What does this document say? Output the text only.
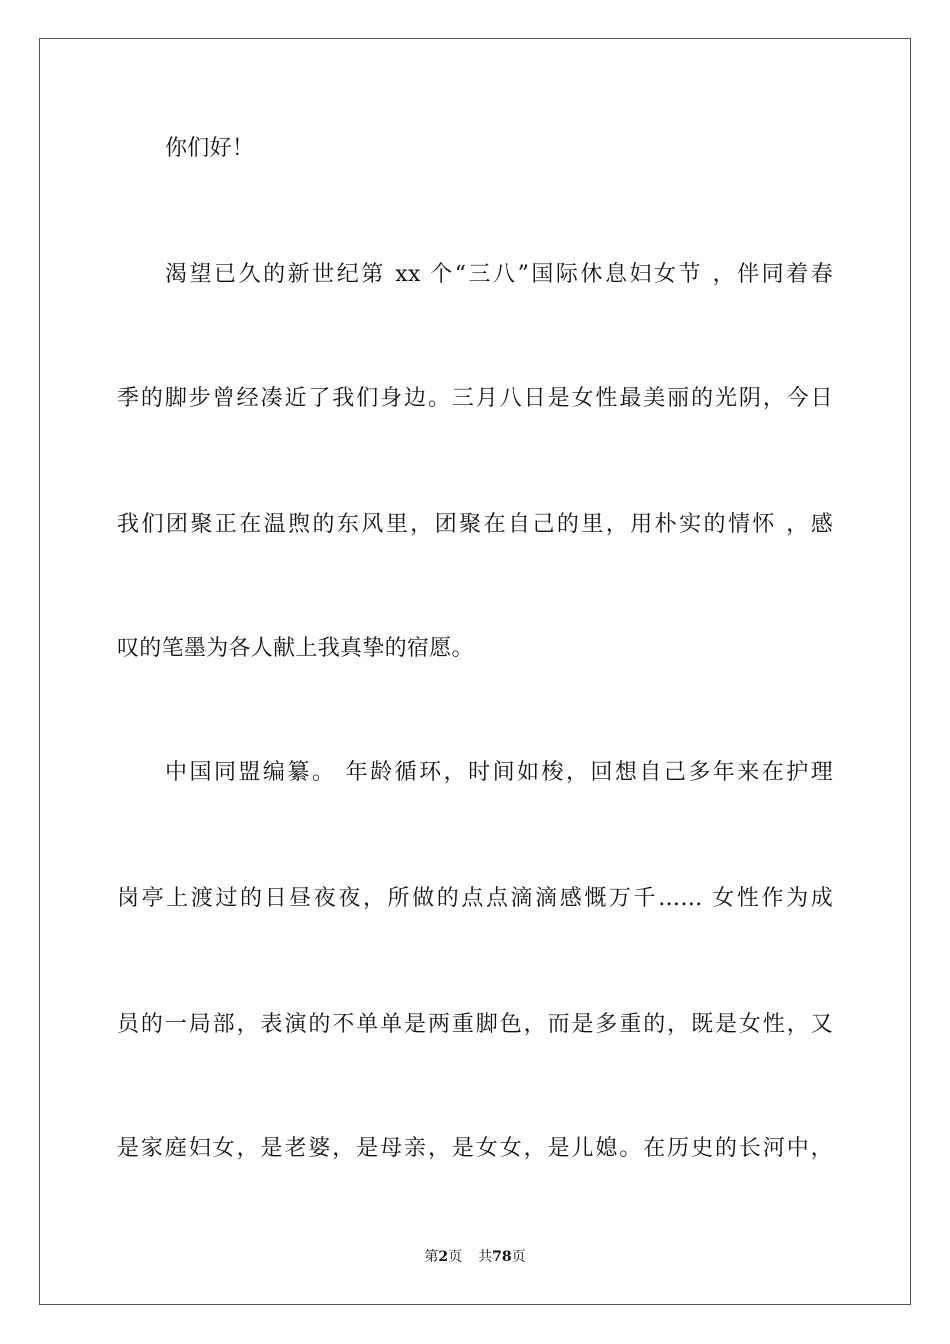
你们好！
渴望已久的新世纪第 xx 个“三八”国际休息妇女节 ，伴同着春
季的脚步曾经凑近了我们身边。三月八日是女性最美丽的光阴，今日
我们团聚正在温煦的东风里，团聚在自己的里，用朴实的情怀 ，感
叹的笔墨为各人献上我真挚的宿愿。
中国同盟编纂。 年龄循环，时间如梭，回想自己多年来在护理
岗亭上渡过的日昼夜夜，所做的点点滴滴感慨万千…… 女性作为成
员的一局部，表演的不单单是两重脚色，而是多重的，既是女性，又
是家庭妇女，是老婆，是母亲，是女女，是儿媳。在历史的长河中，
第2页 共78页
